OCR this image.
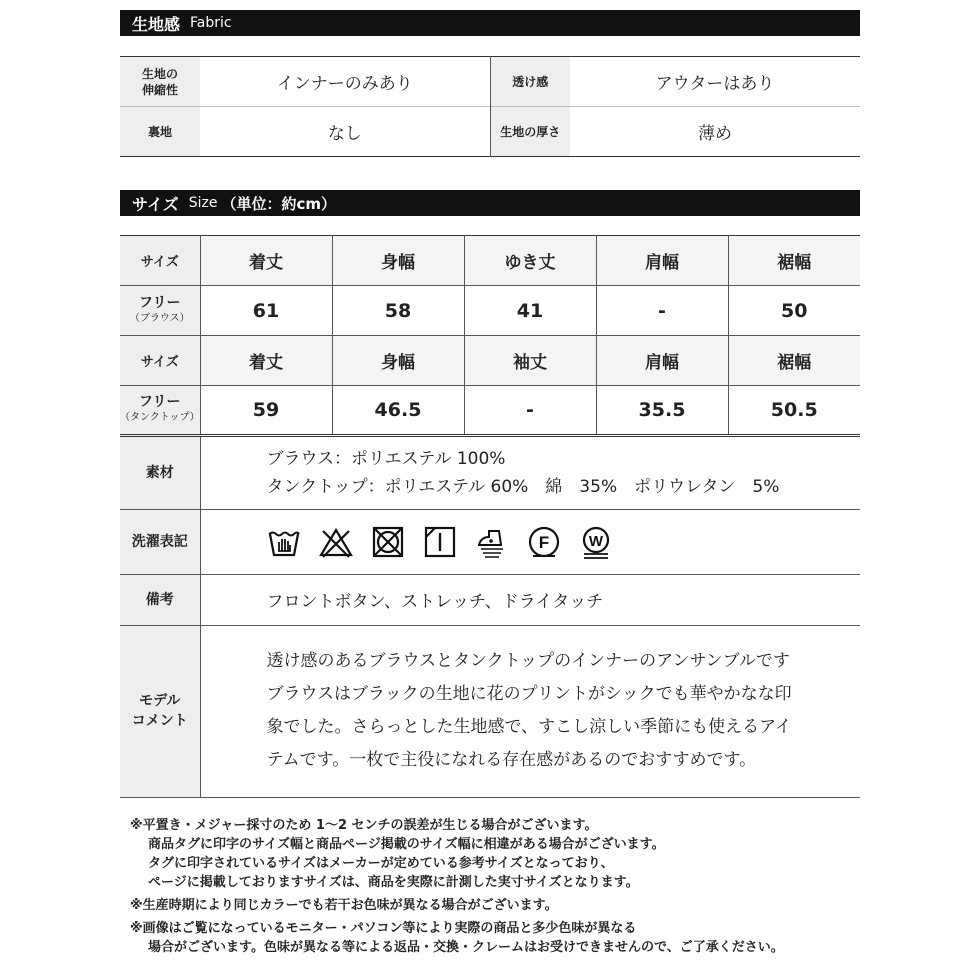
生地感 Fabric
生地の
伸縮性	インナーのみあり	透け感	アウターはあり
裏地	なし	生地の厚さ	薄め
サイズ Size （単位：約cm）
サイズ	着丈	身幅	ゆき丈	肩幅	裾幅
フリー
（ブラウス）	61	58	41	-	50
サイズ	着丈	身幅	袖丈	肩幅	裾幅
フリー
（タンクトップ）	59	46.5	-	35.5	50.5
素材	ブラウス：ポリエステル 100%
タンクトップ：ポリエステル 60%　綿　35%　ポリウレタン　5%

洗濯表記	F W

備考	フロントボタン、ストレッチ、ドライタッチ
モデル
コメント	透け感のあるブラウスとタンクトップのインナーのアンサンブルです
ブラウスはブラックの生地に花のプリントがシックでも華やかなな印
象でした。さらっとした生地感で、すこし涼しい季節にも使えるアイ
テムです。一枚で主役になれる存在感があるのでおすすめです。

※平置き・メジャー採寸のため 1〜2 センチの誤差が生じる場合がございます。
商品タグに印字のサイズ幅と商品ページ掲載のサイズ幅に相違がある場合がございます。
タグに印字されているサイズはメーカーが定めている参考サイズとなっており、
ページに掲載しておりますサイズは、商品を実際に計測した実寸サイズとなります。

※生産時期により同じカラーでも若干お色味が異なる場合がございます。

※画像はご覧になっているモニター・パソコン等により実際の商品と多少色味が異なる
場合がございます。色味が異なる等による返品・交換・クレームはお受けできませんので、ご了承ください。
